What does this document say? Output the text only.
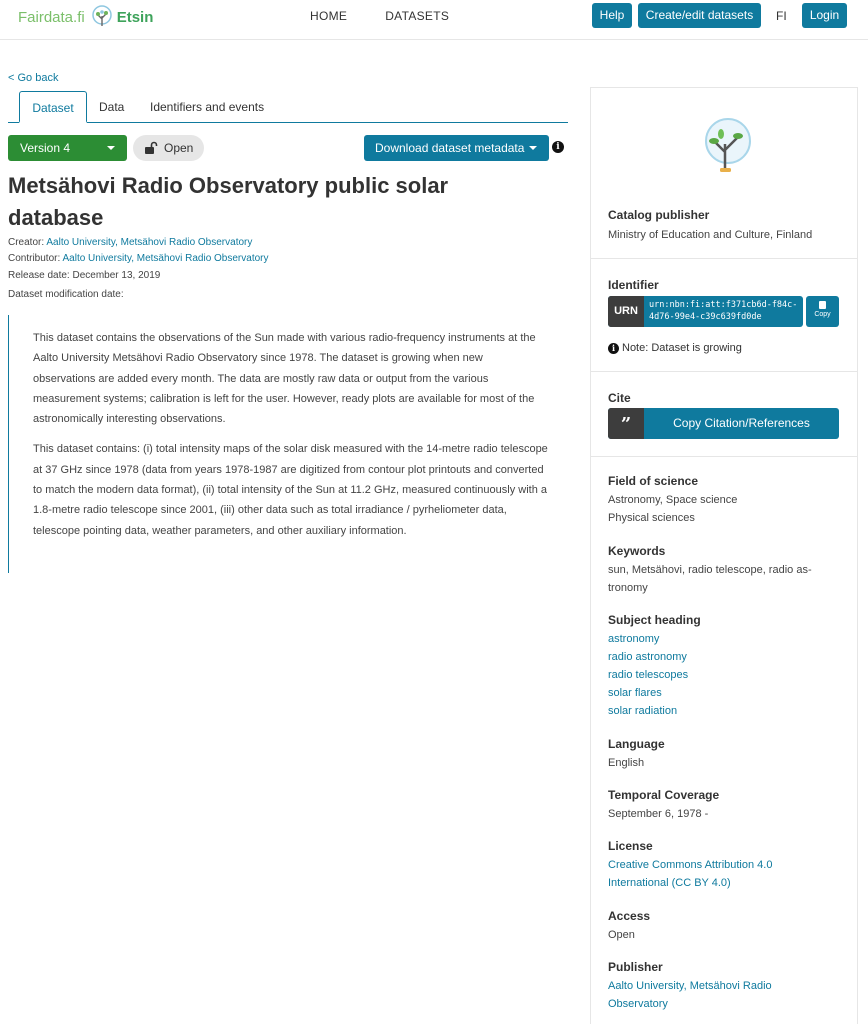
Fairdata.fi Etsin	HOME	DATASETS	Help	Create/edit datasets	FI	Login
< Go back
Dataset	Data Identifiers and events
Version 4	Open	Download dataset metadata	i
Metsähovi Radio Observatory public solar database
Creator: Aalto University, Metsähovi Radio Observatory
Contributor: Aalto University, Metsähovi Radio Observatory
Release date: December 13, 2019
Dataset modification date:

This dataset contains the observations of the Sun made with various radio-frequency instruments at the Aalto University Metsähovi Radio Observatory since 1978. The dataset is growing when new observations are added every month. The data are mostly raw data or output from the various measurement systems; calibration is left for the user. However, ready plots are available for most of the astronomically interesting observations.

This dataset contains: (i) total intensity maps of the solar disk measured with the 14-metre radio telescope at 37 GHz since 1978 (data from years 1978-1987 are digitized from contour plot printouts and converted to match the modern data format), (ii) total intensity of the Sun at 11.2 GHz, measured continuously with a 1.8-metre radio telescope since 2001, (iii) other data such as total irradiance / pyrheliometer data, telescope pointing data, weather parameters, and other auxiliary information.

Catalog publisher
Ministry of Education and Culture, Finland
Identifier
URN	urn:nbn:fi:att:f371cb6d-f84c-4d76-99e4-c39c639fd0de	Copy
i Note: Dataset is growing
Cite
”	Copy Citation/References
Field of science
Astronomy, Space science
Physical sciences
Keywords
sun, Metsähovi, radio telescope, radio as-
tronomy
Subject heading
astronomy
radio astronomy
radio telescopes
solar flares
solar radiation
Language
English
Temporal Coverage
September 6, 1978 -
License
Creative Commons Attribution 4.0
International (CC BY 4.0)
Access
Open
Publisher
Aalto University, Metsähovi Radio
Observatory
